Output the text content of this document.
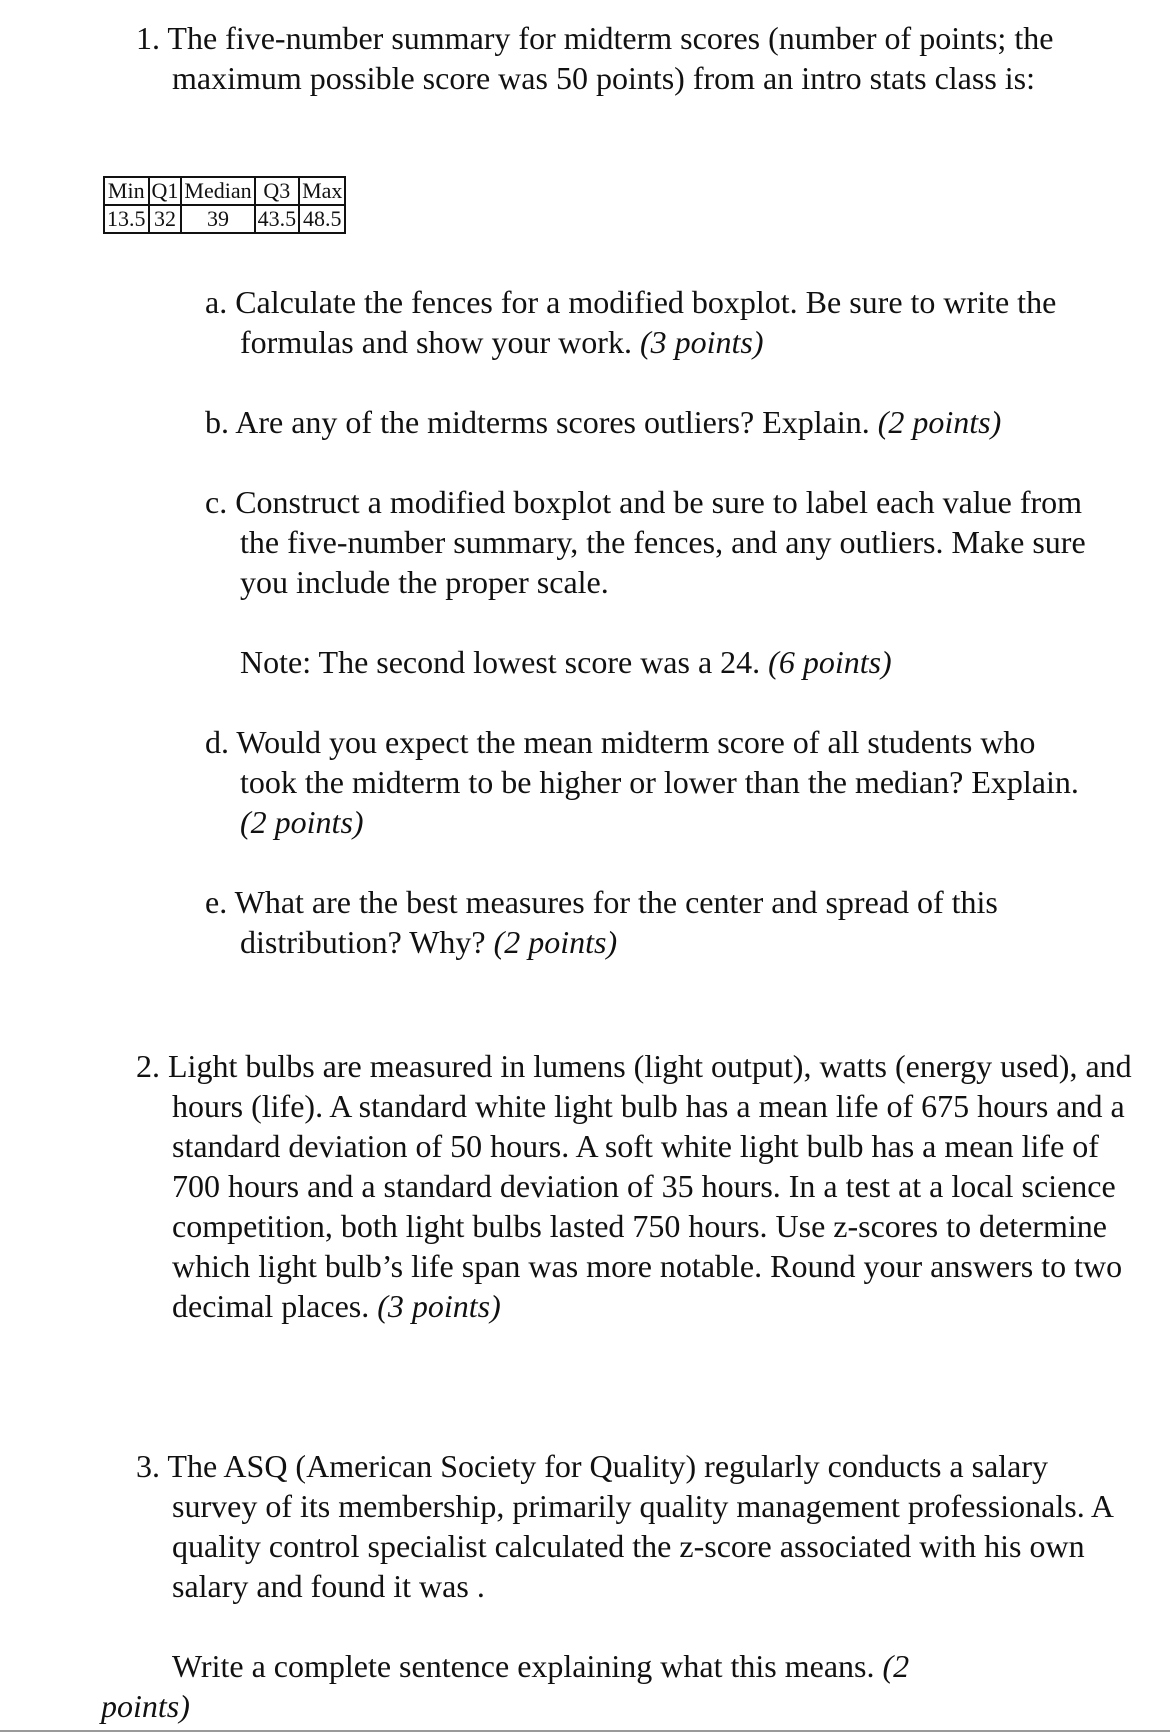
1. The five-number summary for midterm scores (number of points; the maximum possible score was 50 points) from an intro stats class is:
Min	Q1	Median	Q3	Max
13.5	32	39	43.5	48.5
a. Calculate the fences for a modified boxplot. Be sure to write the formulas and show your work. (3 points)
b. Are any of the midterms scores outliers? Explain. (2 points)
c. Construct a modified boxplot and be sure to label each value from the five-number summary, the fences, and any outliers. Make sure you include the proper scale.
Note: The second lowest score was a 24. (6 points)
d. Would you expect the mean midterm score of all students who took the midterm to be higher or lower than the median? Explain. (2 points)
e. What are the best measures for the center and spread of this distribution? Why? (2 points)
2. Light bulbs are measured in lumens (light output), watts (energy used), and hours (life). A standard white light bulb has a mean life of 675 hours and a standard deviation of 50 hours. A soft white light bulb has a mean life of 700 hours and a standard deviation of 35 hours. In a test at a local science competition, both light bulbs lasted 750 hours. Use z-scores to determine which light bulb’s life span was more notable. Round your answers to two decimal places. (3 points)
3. The ASQ (American Society for Quality) regularly conducts a salary survey of its membership, primarily quality management professionals. A quality control specialist calculated the z-score associated with his own salary and found it was .
Write a complete sentence explaining what this means. (2
points)
